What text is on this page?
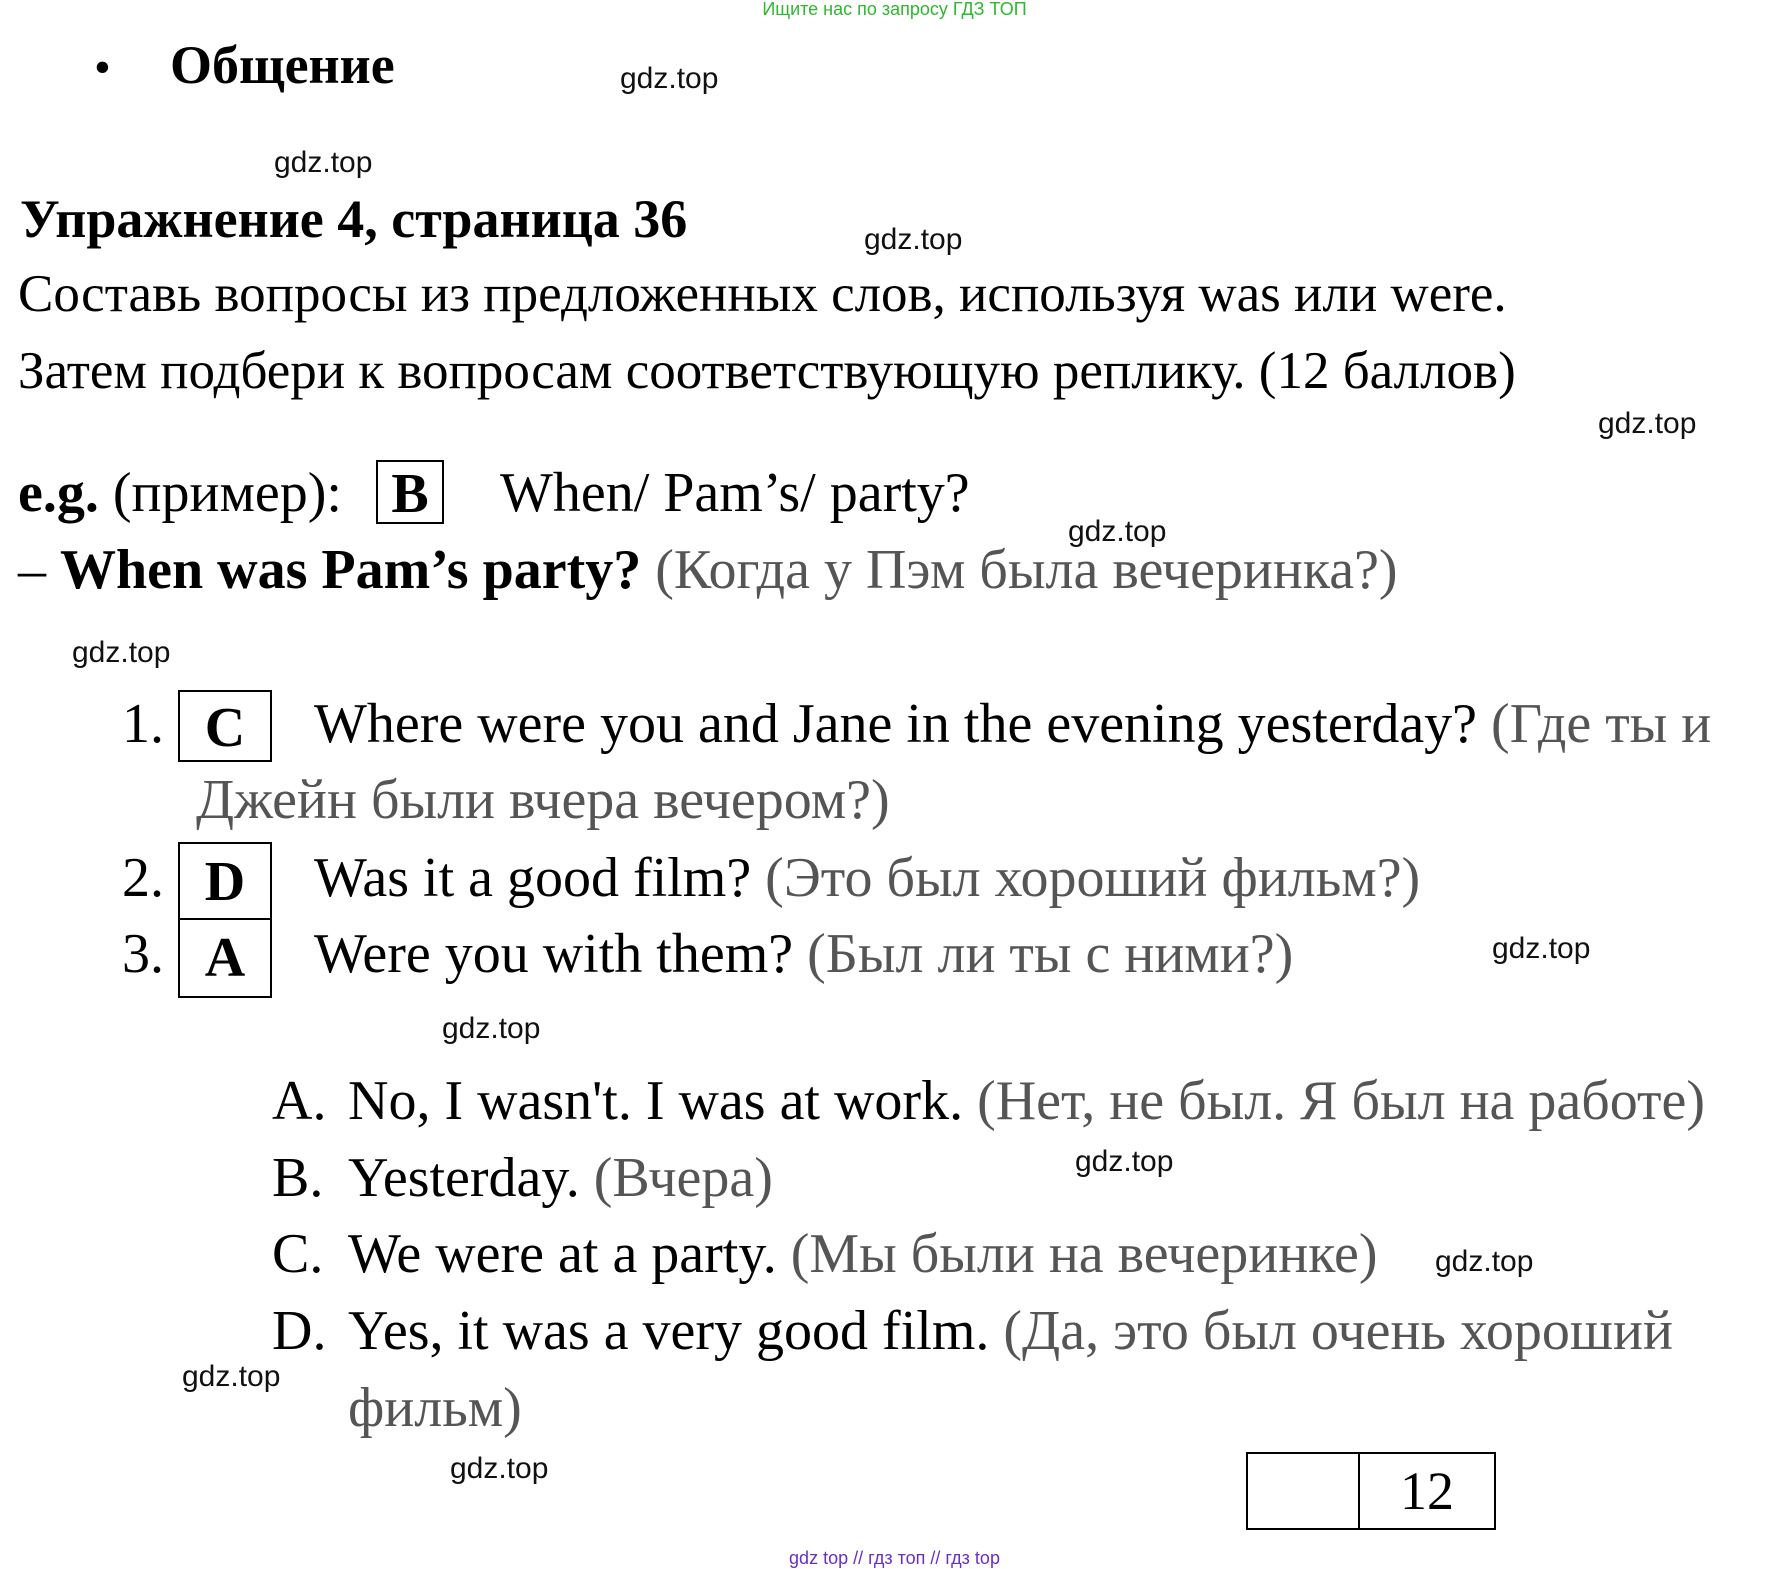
Ищите нас по запросу ГДЗ ТОП
• Общение	gdz.top
gdz.top
gdz.top
gdz.top
gdz.top
gdz.top
gdz.top
gdz.top
gdz.top
gdz.top
gdz.top
gdz.top
Упражнение 4, страница 36
Составь вопросы из предложенных слов, используя was или were.
Затем подбери к вопросам соответствующую реплику. (12 баллов)
e.g. (пример): B When/ Pam’s/ party?
– When was Pam’s party? (Когда у Пэм была вечеринка?)
1. C	Where were you and Jane in the evening yesterday? (Где ты и
Джейн были вчера вечером?)
2. D	Was it a good film? (Это был хороший фильм?)
3. A	Were you with them? (Был ли ты с ними?)
A. No, I wasn't. I was at work. (Нет, не был. Я был на работе)
B. Yesterday. (Вчера)
C. We were at a party. (Мы были на вечеринке)
D. Yes, it was a very good film. (Да, это был очень хороший
фильм)
12
gdz top // гдз топ // гдз top
